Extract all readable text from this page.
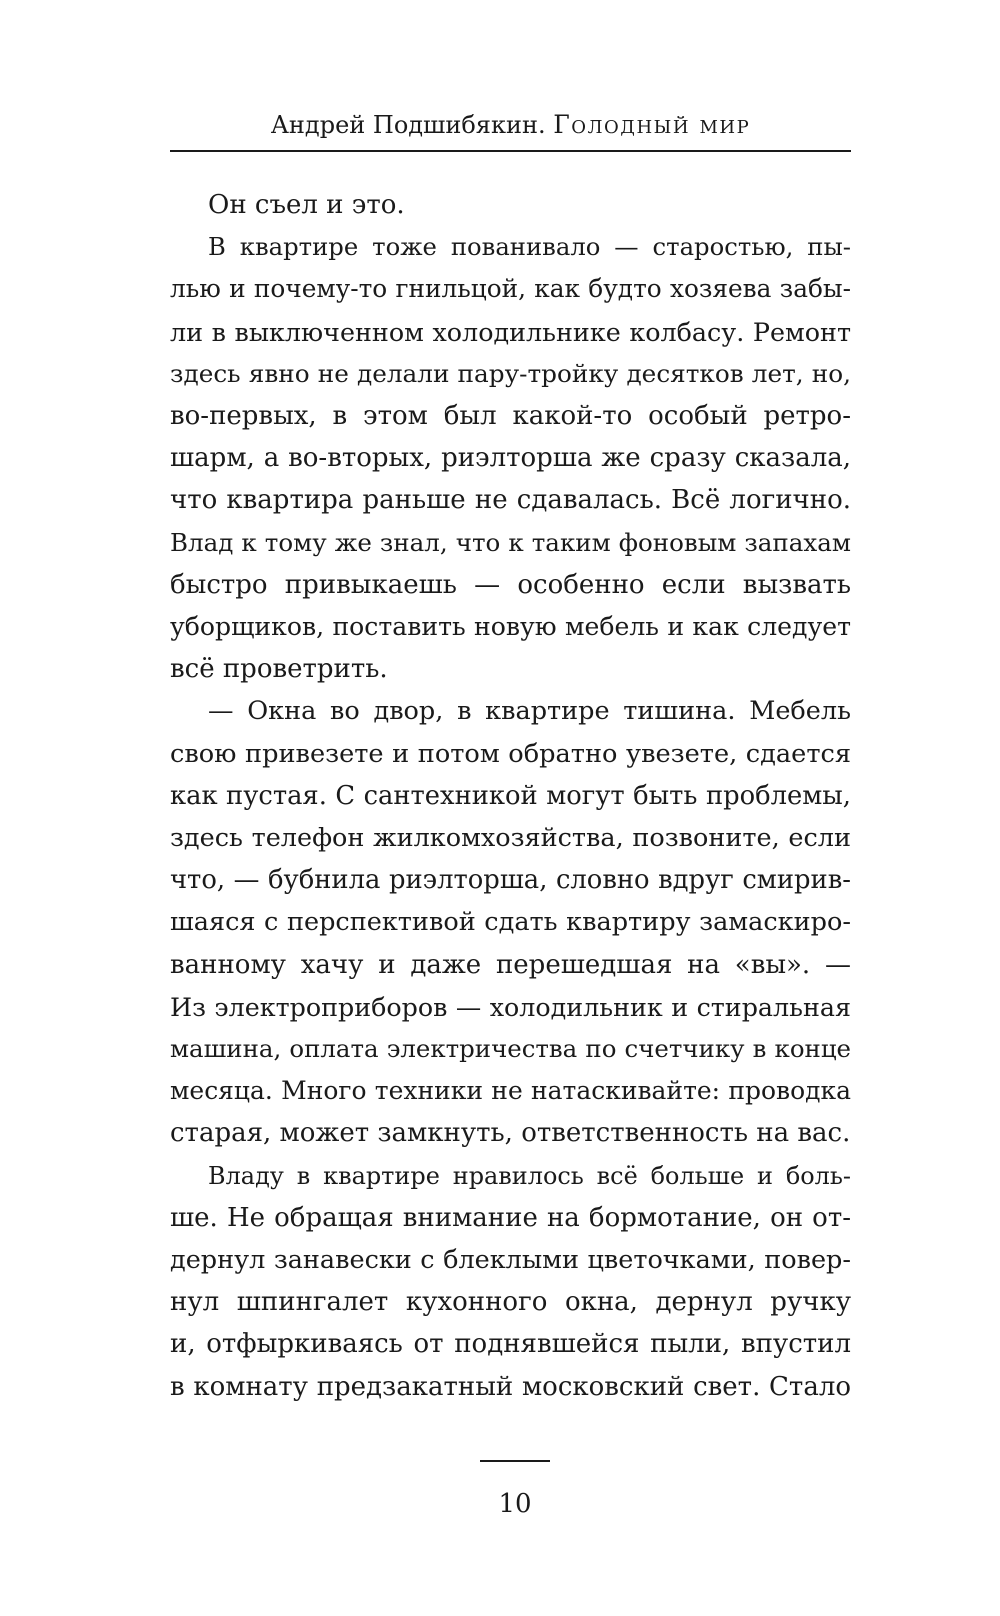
Андрей Подшибякин. Голодный мир

Он съел и это.

В квартире тоже пованивало — старостью, пы-
лью и почему-то гнильцой, как будто хозяева забы-
ли в выключенном холодильнике колбасу. Ремонт
здесь явно не делали пару-тройку десятков лет, но,
во-первых, в этом был какой-то особый ретро-
шарм, а во-вторых, риэлторша же сразу сказала,
что квартира раньше не сдавалась. Всё логично.
Влад к тому же знал, что к таким фоновым запахам
быстро привыкаешь — особенно если вызвать
уборщиков, поставить новую мебель и как следует
всё проветрить.

— Окна во двор, в квартире тишина. Мебель
свою привезете и потом обратно увезете, сдается
как пустая. С сантехникой могут быть проблемы,
здесь телефон жилкомхозяйства, позвоните, если
что, — бубнила риэлторша, словно вдруг смирив-
шаяся с перспективой сдать квартиру замаскиро-
ванному хачу и даже перешедшая на «вы». —
Из электроприборов — холодильник и стиральная
машина, оплата электричества по счетчику в конце
месяца. Много техники не натаскивайте: проводка
старая, может замкнуть, ответственность на вас.

Владу в квартире нравилось всё больше и боль-
ше. Не обращая внимание на бормотание, он от-
дернул занавески с блеклыми цветочками, повер-
нул шпингалет кухонного окна, дернул ручку
и, отфыркиваясь от поднявшейся пыли, впустил
в комнату предзакатный московский свет. Стало

10
